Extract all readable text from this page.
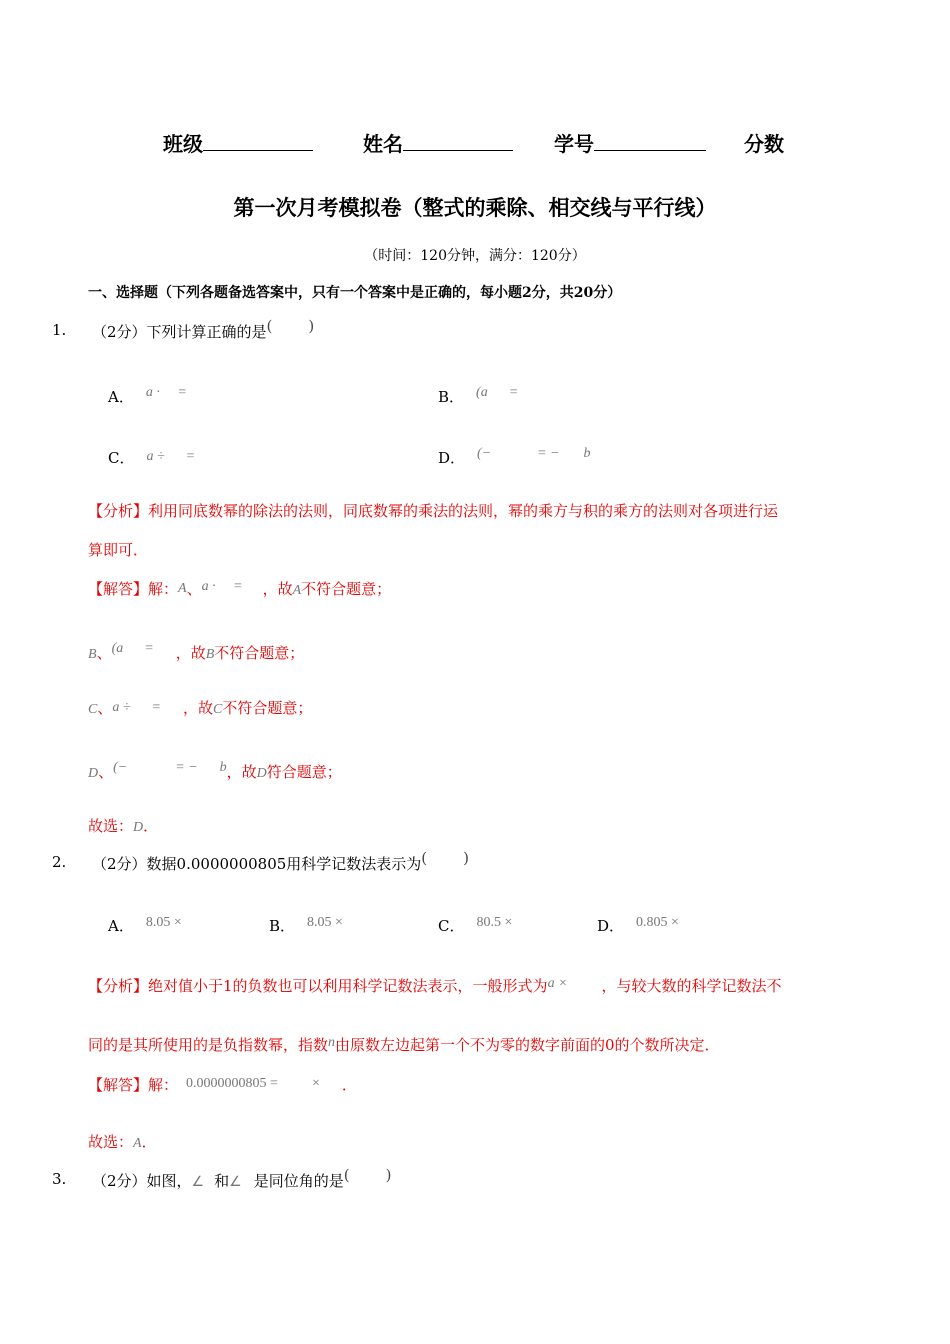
班级	姓名	学号	分数
第一次月考模拟卷（整式的乘除、相交线与平行线）
（时间：120分钟，满分：120分）
一、选择题（下列各题备选答案中，只有一个答案中是正确的，每小题2分，共20分）
1. （2分）下列计算正确的是( )
A． a ·     =	B． (a      =
C． a ÷      =	D． (−	= − b
【分析】利用同底数幂的除法的法则，同底数幂的乘法的法则，幂的乘方与积的乘方的法则对各项进行运
算即可．
【解答】解：A、a ·     = ，故A不符合题意；
B、(a      = ，故B不符合题意；
C、a ÷      = ，故C不符合题意；
D、(−	= − b，故D符合题意；
故选：D．
2. （2分）数据0.0000000805用科学记数法表示为( )
A． 8.05 ×	B． 8.05 ×	C． 80.5 ×	D． 0.805 ×
【分析】绝对值小于1的负数也可以利用科学记数法表示，一般形式为a × ，与较大数的科学记数法不
同的是其所使用的是负指数幂，指数n由原数左边起第一个不为零的数字前面的0的个数所决定．
【解答】解： 0.0000000805 = × ．
故选：A．
3. （2分）如图，∠ 和∠ 是同位角的是( )
